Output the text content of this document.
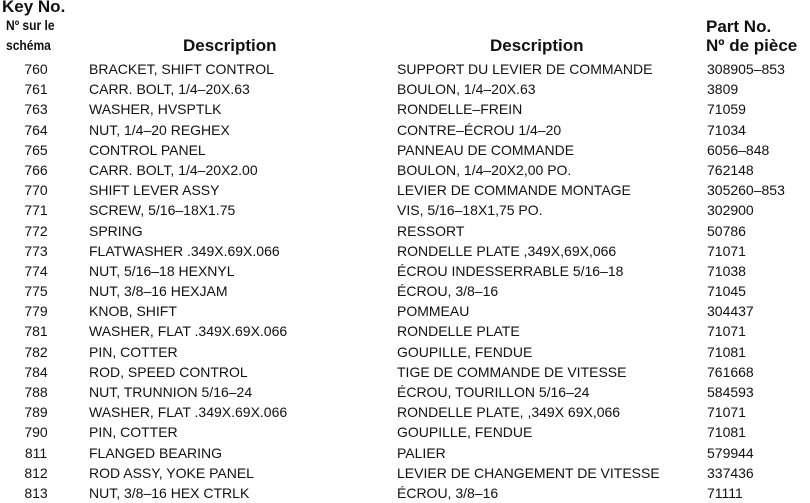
Key No.
Nº sur le
schéma	Description	Description
Part No.
Nº de pièce
760	BRACKET, SHIFT CONTROL	SUPPORT DU LEVIER DE COMMANDE	308905–853
761	CARR. BOLT, 1/4–20X.63	BOULON, 1/4–20X.63	3809
763	WASHER, HVSPTLK	RONDELLE–FREIN	71059
764	NUT, 1/4–20 REGHEX	CONTRE–ÉCROU 1/4–20	71034
765	CONTROL PANEL	PANNEAU DE COMMANDE	6056–848
766	CARR. BOLT, 1/4–20X2.00	BOULON, 1/4–20X2,00 PO.	762148
770	SHIFT LEVER ASSY	LEVIER DE COMMANDE MONTAGE	305260–853
771	SCREW, 5/16–18X1.75	VIS, 5/16–18X1,75 PO.	302900
772	SPRING	RESSORT	50786
773	FLATWASHER .349X.69X.066	RONDELLE PLATE ,349X,69X,066	71071
774	NUT, 5/16–18 HEXNYL	ÉCROU INDESSERRABLE 5/16–18	71038
775	NUT, 3/8–16 HEXJAM	ÉCROU, 3/8–16	71045
779	KNOB, SHIFT	POMMEAU	304437
781	WASHER, FLAT .349X.69X.066	RONDELLE PLATE	71071
782	PIN, COTTER	GOUPILLE, FENDUE	71081
784	ROD, SPEED CONTROL	TIGE DE COMMANDE DE VITESSE	761668
788	NUT, TRUNNION 5/16–24	ÉCROU, TOURILLON 5/16–24	584593
789	WASHER, FLAT .349X.69X.066	RONDELLE PLATE, ,349X 69X,066	71071
790	PIN, COTTER	GOUPILLE, FENDUE	71081
811	FLANGED BEARING	PALIER	579944
812	ROD ASSY, YOKE PANEL	LEVIER DE CHANGEMENT DE VITESSE	337436
813	NUT, 3/8–16 HEX CTRLK	ÉCROU, 3/8–16	71111
